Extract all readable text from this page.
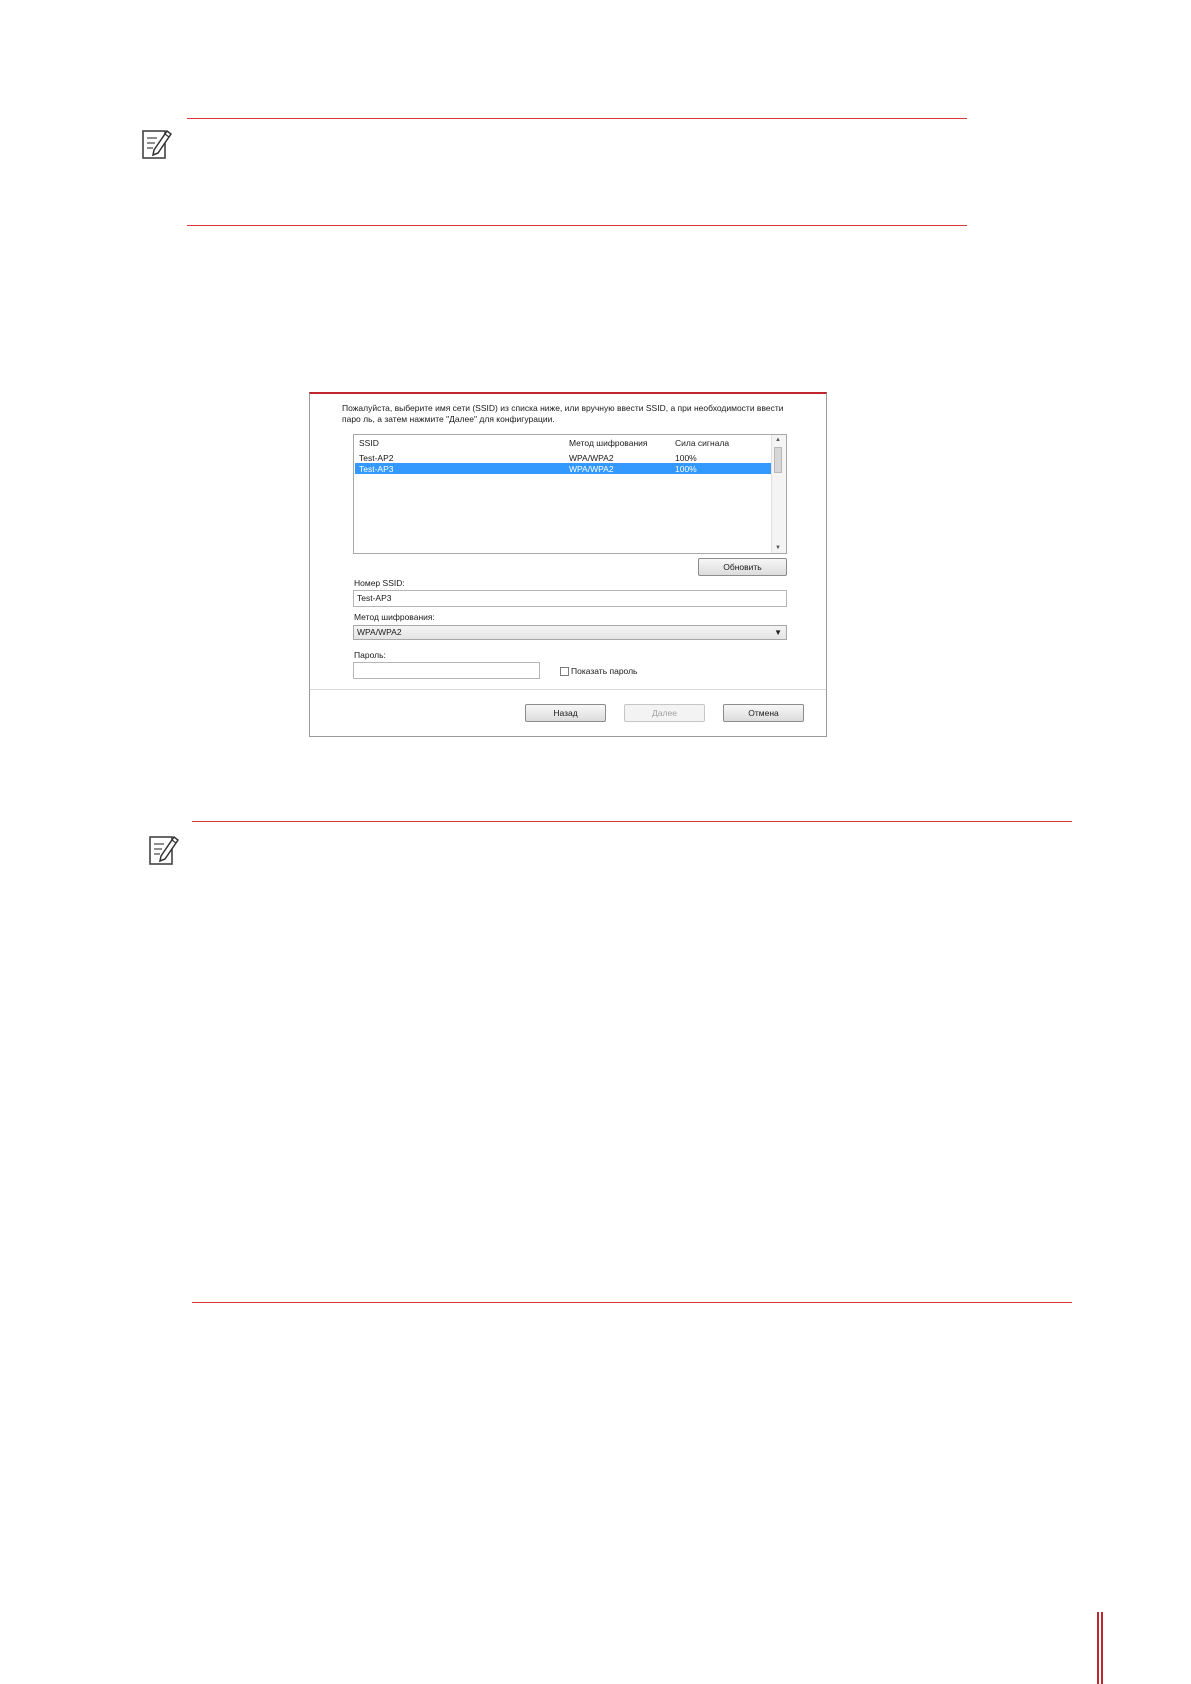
Пожалуйста, выберите имя сети (SSID) из списка ниже, или вручную ввести SSID, а при необходимости ввести паро ль, а затем нажмите "Далее" для конфигурации.
SSID	Метод шифрования	Сила сигнала
Test-AP2	WPA/WPA2	100%
Test-AP3	WPA/WPA2	100%
▲
▼
Обновить
Номер SSID:
Test-AP3
Метод шифрования:
WPA/WPA2	▼
Пароль:
Показать пароль
Назад	Далее	Отмена
